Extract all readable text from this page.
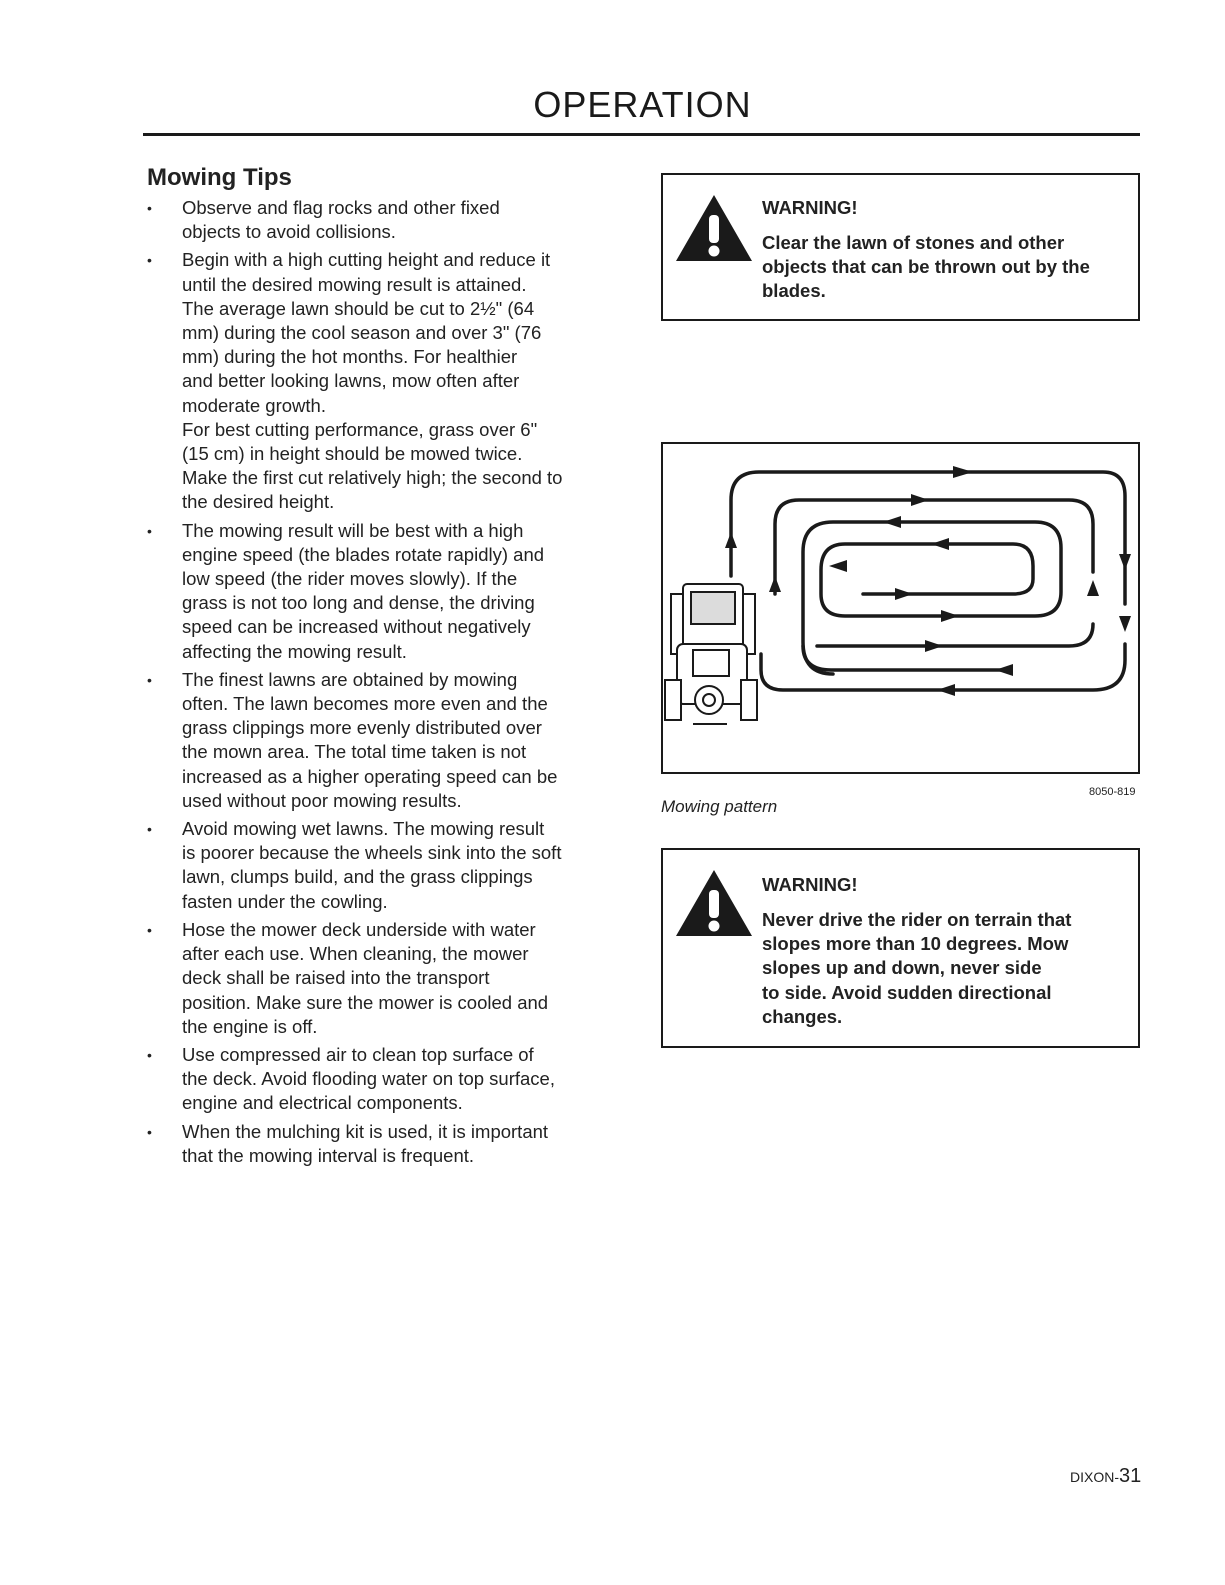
OPERATION
Mowing Tips
•	Observe and flag rocks and other fixed

objects to avoid collisions.

•	Begin with a high cutting height and reduce it

until the desired mowing result is attained.

The average lawn should be cut to 2½" (64

mm) during the cool season and over 3" (76

mm) during the hot months. For healthier

and better looking lawns, mow often after

moderate growth.

For best cutting performance, grass over 6"

(15 cm) in height should be mowed twice.

Make the first cut relatively high; the second to

the desired height.

•	The mowing result will be best with a high

engine speed (the blades rotate rapidly) and

low speed (the rider moves slowly). If the

grass is not too long and dense, the driving

speed can be increased without negatively

affecting the mowing result.

•	The finest lawns are obtained by mowing

often. The lawn becomes more even and the

grass clippings more evenly distributed over

the mown area. The total time taken is not

increased as a higher operating speed can be

used without poor mowing results.

•	Avoid mowing wet lawns. The mowing result

is poorer because the wheels sink into the soft

lawn, clumps build, and the grass clippings

fasten under the cowling.

•	Hose the mower deck underside with water

after each use. When cleaning, the mower

deck shall be raised into the transport

position. Make sure the mower is cooled and

the engine is off.

•	Use compressed air to clean top surface of

the deck. Avoid flooding water on top surface,

engine and electrical components.

•	When the mulching kit is used, it is important

that the mowing interval is frequent.

WARNING!
Clear the lawn of stones and other
objects that can be thrown out by the
blades.
8050-819
Mowing pattern
WARNING!
Never drive the rider on terrain that
slopes more than 10 degrees. Mow
slopes up and down, never side
to side. Avoid sudden directional
changes.
DIXON-31
